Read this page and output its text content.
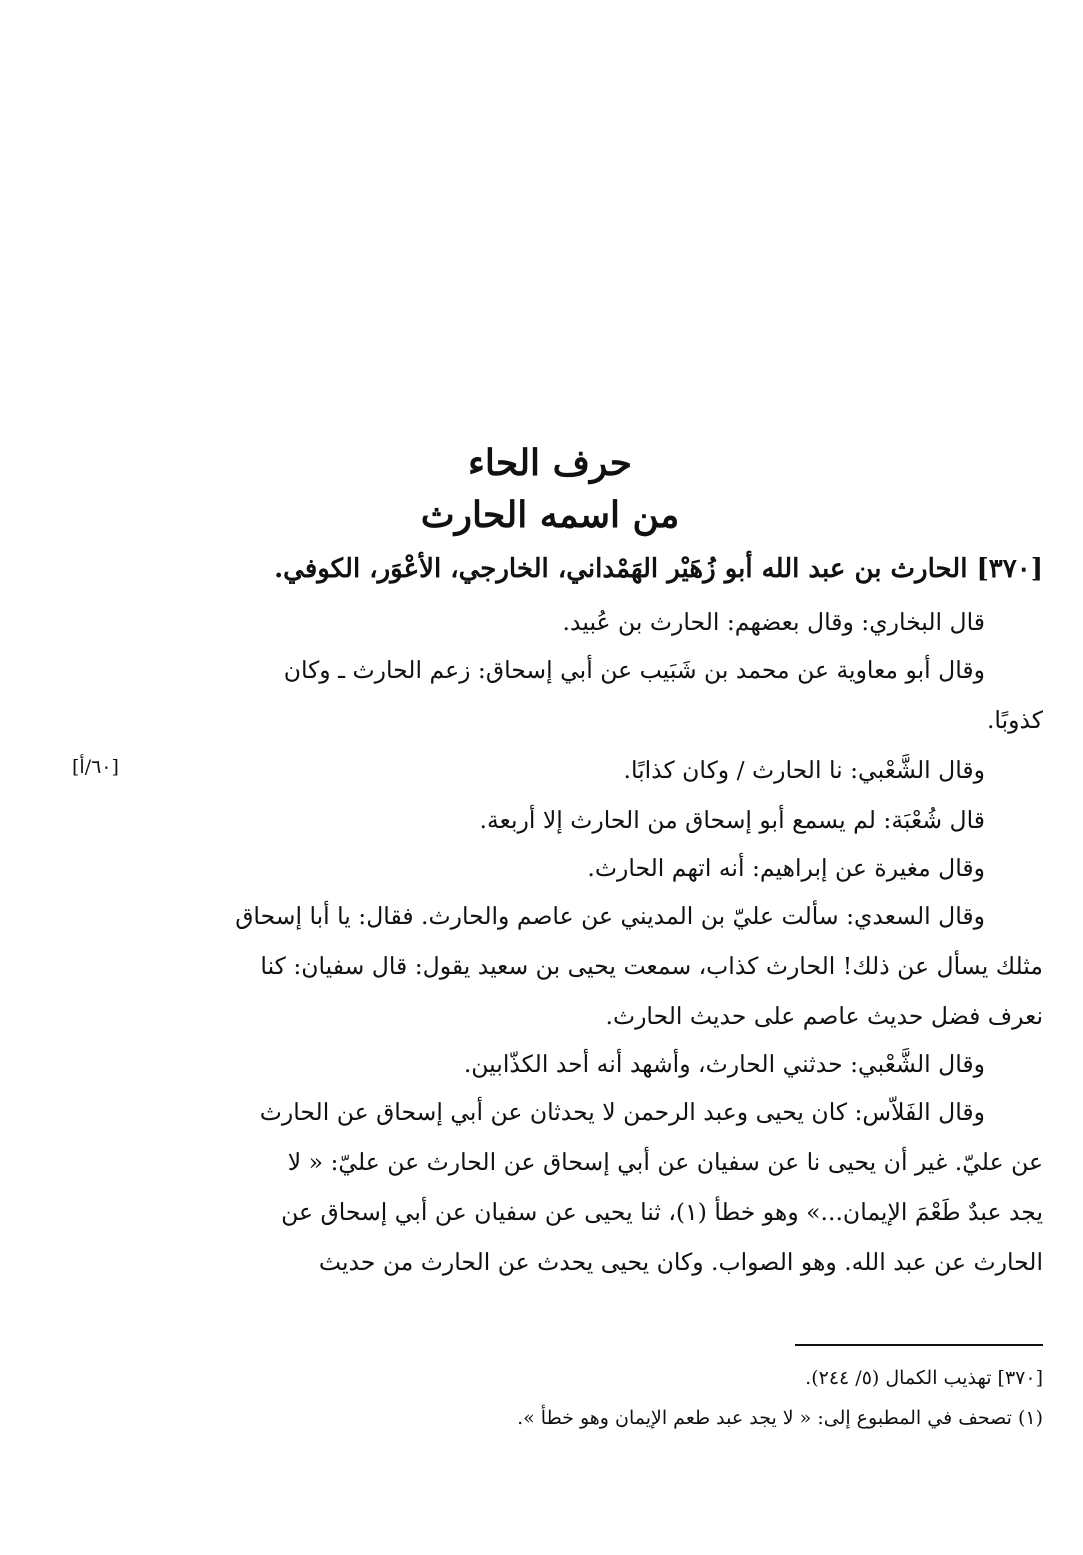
حرف الحاء
من اسمه الحارث
[٣٧٠] الحارث بن عبد الله أبو زُهَيْر الهَمْداني، الخارجي، الأعْوَر، الكوفي.
[٦٠/أ]

قال البخاري: وقال بعضهم: الحارث بن عُبيد.

وقال أبو معاوية عن محمد بن شَبَيب عن أبي إسحاق: زعم الحارث ـ وكان
كذوبًا.

وقال الشَّعْبي: نا الحارث / وكان كذابًا.

قال شُعْبَة: لم يسمع أبو إسحاق من الحارث إلا أربعة.

وقال مغيرة عن إبراهيم: أنه اتهم الحارث.

وقال السعدي: سألت عليّ بن المديني عن عاصم والحارث. فقال: يا أبا إسحاق
مثلك يسأل عن ذلك! الحارث كذاب، سمعت يحيى بن سعيد يقول: قال سفيان: كنا
نعرف فضل حديث عاصم على حديث الحارث.

وقال الشَّعْبي: حدثني الحارث، وأشهد أنه أحد الكذّابين.

وقال الفَلاّس: كان يحيى وعبد الرحمن لا يحدثان عن أبي إسحاق عن الحارث
عن عليّ. غير أن يحيى نا عن سفيان عن أبي إسحاق عن الحارث عن عليّ: « لا
يجد عبدٌ طَعْمَ الإيمان...» وهو خطأ (١)، ثنا يحيى عن سفيان عن أبي إسحاق عن
الحارث عن عبد الله. وهو الصواب. وكان يحيى يحدث عن الحارث من حديث

[٣٧٠] تهذيب الكمال (٥/ ٢٤٤).
(١) تصحف في المطبوع إلى: « لا يجد عبد طعم الإيمان وهو خطأ ».
